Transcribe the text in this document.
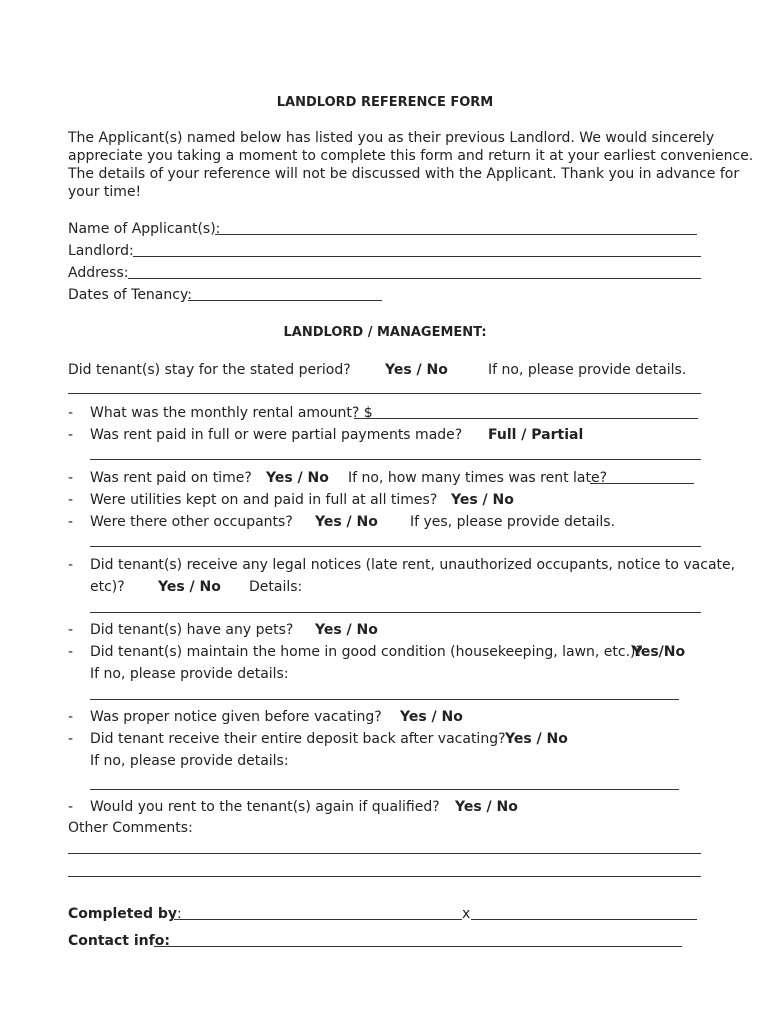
LANDLORD REFERENCE FORM
The Applicant(s) named below has listed you as their previous Landlord. We would sincerely
appreciate you taking a moment to complete this form and return it at your earliest convenience.
The details of your reference will not be discussed with the Applicant. Thank you in advance for
your time!
Name of Applicant(s):
Landlord:
Address:
Dates of Tenancy:
LANDLORD / MANAGEMENT:
Did tenant(s) stay for the stated period? Yes / No	If no, please provide details.
- What was the monthly rental amount? $
- Was rent paid in full or were partial payments made? Full / Partial
- Was rent paid on time? Yes / No If no, how many times was rent late?
- Were utilities kept on and paid in full at all times? Yes / No
- Were there other occupants? Yes / No If yes, please provide details.
- Did tenant(s) receive any legal notices (late rent, unauthorized occupants, notice to vacate,
etc)? Yes / No Details:
- Did tenant(s) have any pets? Yes / No
- Did tenant(s) maintain the home in good condition (housekeeping, lawn, etc.)?
Yes/No
If no, please provide details:
- Was proper notice given before vacating? Yes / No
- Did tenant receive their entire deposit back after vacating? Yes / No
If no, please provide details:
- Would you rent to the tenant(s) again if qualified? Yes / No
Other Comments:
Completed by:	x
Contact info:
